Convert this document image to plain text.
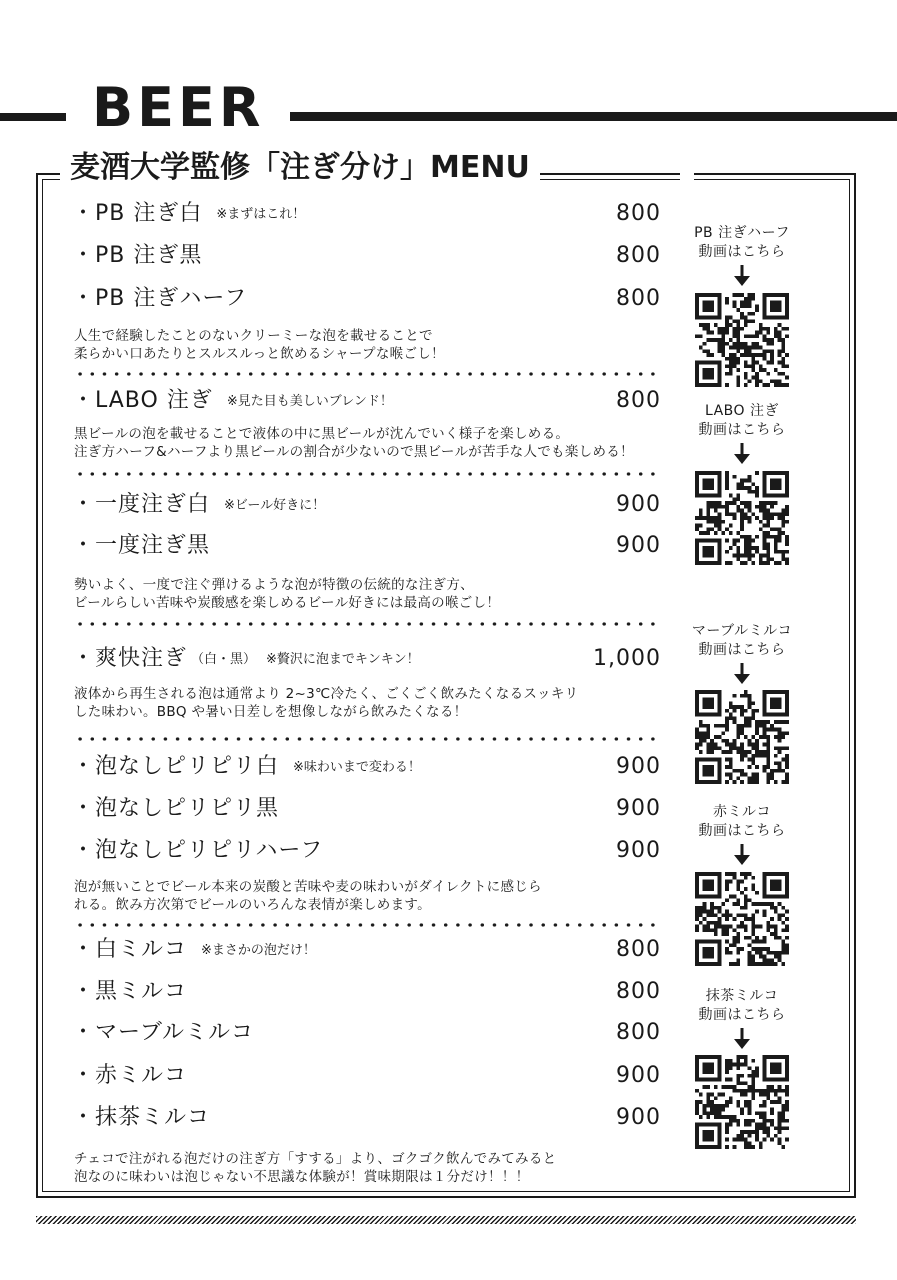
BEER
麦酒大学監修「注ぎ分け」MENU
・PB 注ぎ白 ※まずはこれ！	800
・PB 注ぎ黒	800
・PB 注ぎハーフ	800
人生で経験したことのないクリーミーな泡を載せることで
柔らかい口あたりとスルスルっと飲めるシャープな喉ごし！
・LABO 注ぎ ※見た目も美しいブレンド！	800
黒ビールの泡を載せることで液体の中に黒ビールが沈んでいく様子を楽しめる。
注ぎ方ハーフ&ハーフより黒ビールの割合が少ないので黒ビールが苦手な人でも楽しめる！
・一度注ぎ白 ※ビール好きに！	900
・一度注ぎ黒	900
勢いよく、一度で注ぐ弾けるような泡が特徴の伝統的な注ぎ方、
ビールらしい苦味や炭酸感を楽しめるビール好きには最高の喉ごし！
・爽快注ぎ （白・黒） ※贅沢に泡までキンキン！	1,000
液体から再生される泡は通常より 2~3℃冷たく、ごくごく飲みたくなるスッキリ
した味わい。BBQ や暑い日差しを想像しながら飲みたくなる！
・泡なしピリピリ白 ※味わいまで変わる！	900
・泡なしピリピリ黒	900
・泡なしピリピリハーフ	900
泡が無いことでビール本来の炭酸と苦味や麦の味わいがダイレクトに感じら
れる。飲み方次第でビールのいろんな表情が楽しめます。
・白ミルコ ※まさかの泡だけ！	800
・黒ミルコ	800
・マーブルミルコ	800
・赤ミルコ	900
・抹茶ミルコ	900
チェコで注がれる泡だけの注ぎ方「すする」より、ゴクゴク飲んでみてみると
泡なのに味わいは泡じゃない不思議な体験が！賞味期限は１分だけ！！！
PB 注ぎハーフ
動画はこちら
LABO 注ぎ
動画はこちら
マーブルミルコ
動画はこちら
赤ミルコ
動画はこちら
抹茶ミルコ
動画はこちら
